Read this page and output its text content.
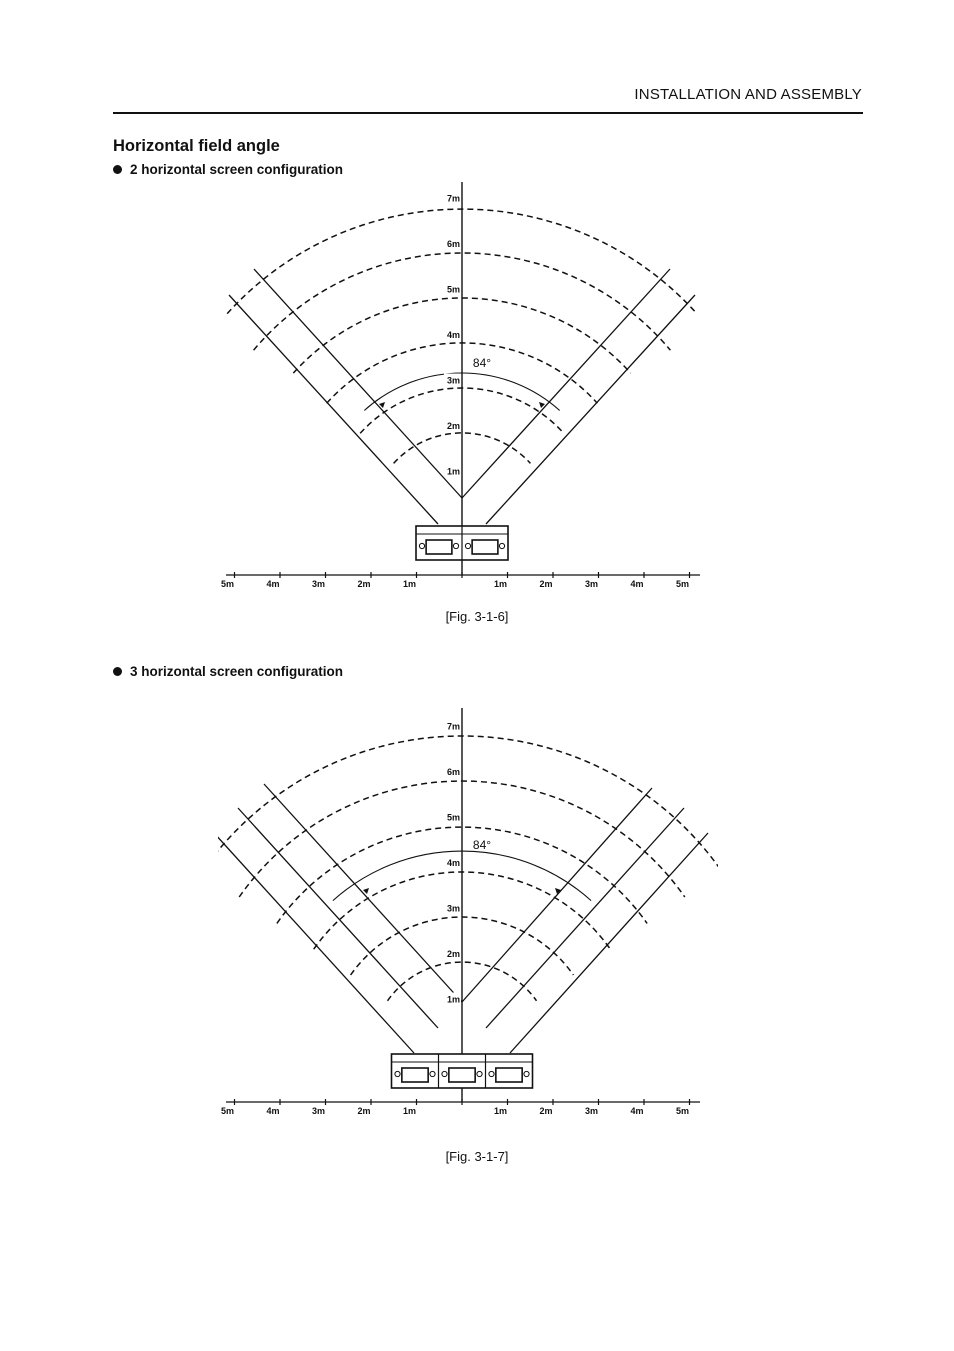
INSTALLATION AND ASSEMBLY
Horizontal field angle
2 horizontal screen configuration
84°
1m
2m
3m
4m
5m
6m
7m
5m	4m	3m	2m	1m	1m	2m	3m	4m	5m
[Fig. 3-1-6]
3 horizontal screen configuration
84°
1m
2m
3m
4m
5m
6m
7m
5m	4m	3m	2m	1m	1m	2m	3m	4m	5m
[Fig. 3-1-7]
